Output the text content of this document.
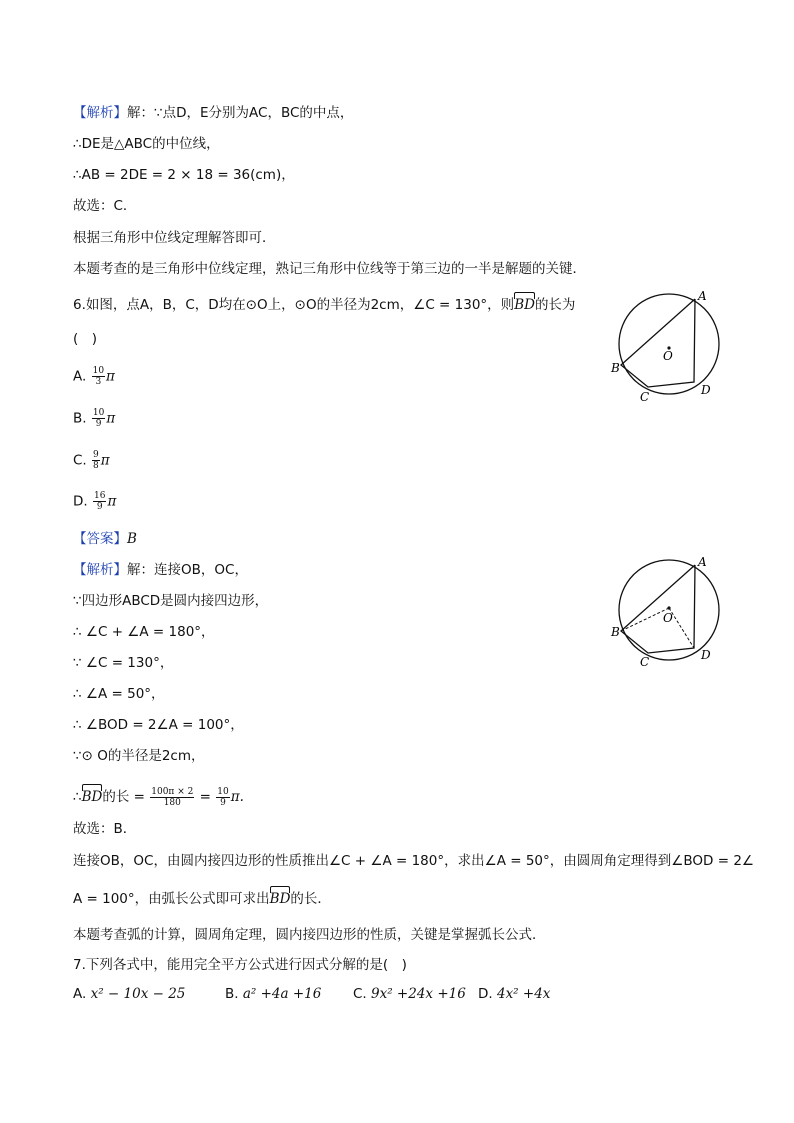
【解析】解：∵点D，E分别为AC，BC的中点，
∴DE是△ABC的中位线，
∴AB = 2DE = 2 × 18 = 36(cm)，
故选：C．
根据三角形中位线定理解答即可．
本题考查的是三角形中位线定理，熟记三角形中位线等于第三边的一半是解题的关键．
6.如图，点A，B，C，D均在⊙O上，⊙O的半径为2cm，∠C = 130°，则BD的长为
(　)
A. $\frac{10}{3}$ π
B. $\frac{10}{9}$ π
C. $\frac{9}{8}$ π
D. $\frac{16}{9}$ π
A
B
C	D
O
【答案】B
【解析】解：连接OB，OC，
∵四边形ABCD是圆内接四边形，
∴ ∠C + ∠A = 180°，
∵ ∠C = 130°，
∴ ∠A = 50°，
∴ ∠BOD = 2∠A = 100°，
∵⊙ O的半径是2cm，
∴BD的长 = $\frac{100\pi \times 2}{180} = \frac{10}{9} \pi$.
故选：B．
连接OB，OC，由圆内接四边形的性质推出∠C + ∠A = 180°，求出∠A = 50°，由圆周角定理得到∠BOD = 2∠
A = 100°，由弧长公式即可求出BD的长．
本题考查弧的计算，圆周角定理，圆内接四边形的性质，关键是掌握弧长公式．
A
B
C	D
O
7.下列各式中，能用完全平方公式进行因式分解的是(　)
A. x² − 10x − 25	B. a² +4a +16 C. 9x² +24x +16 D. 4x² +4x
